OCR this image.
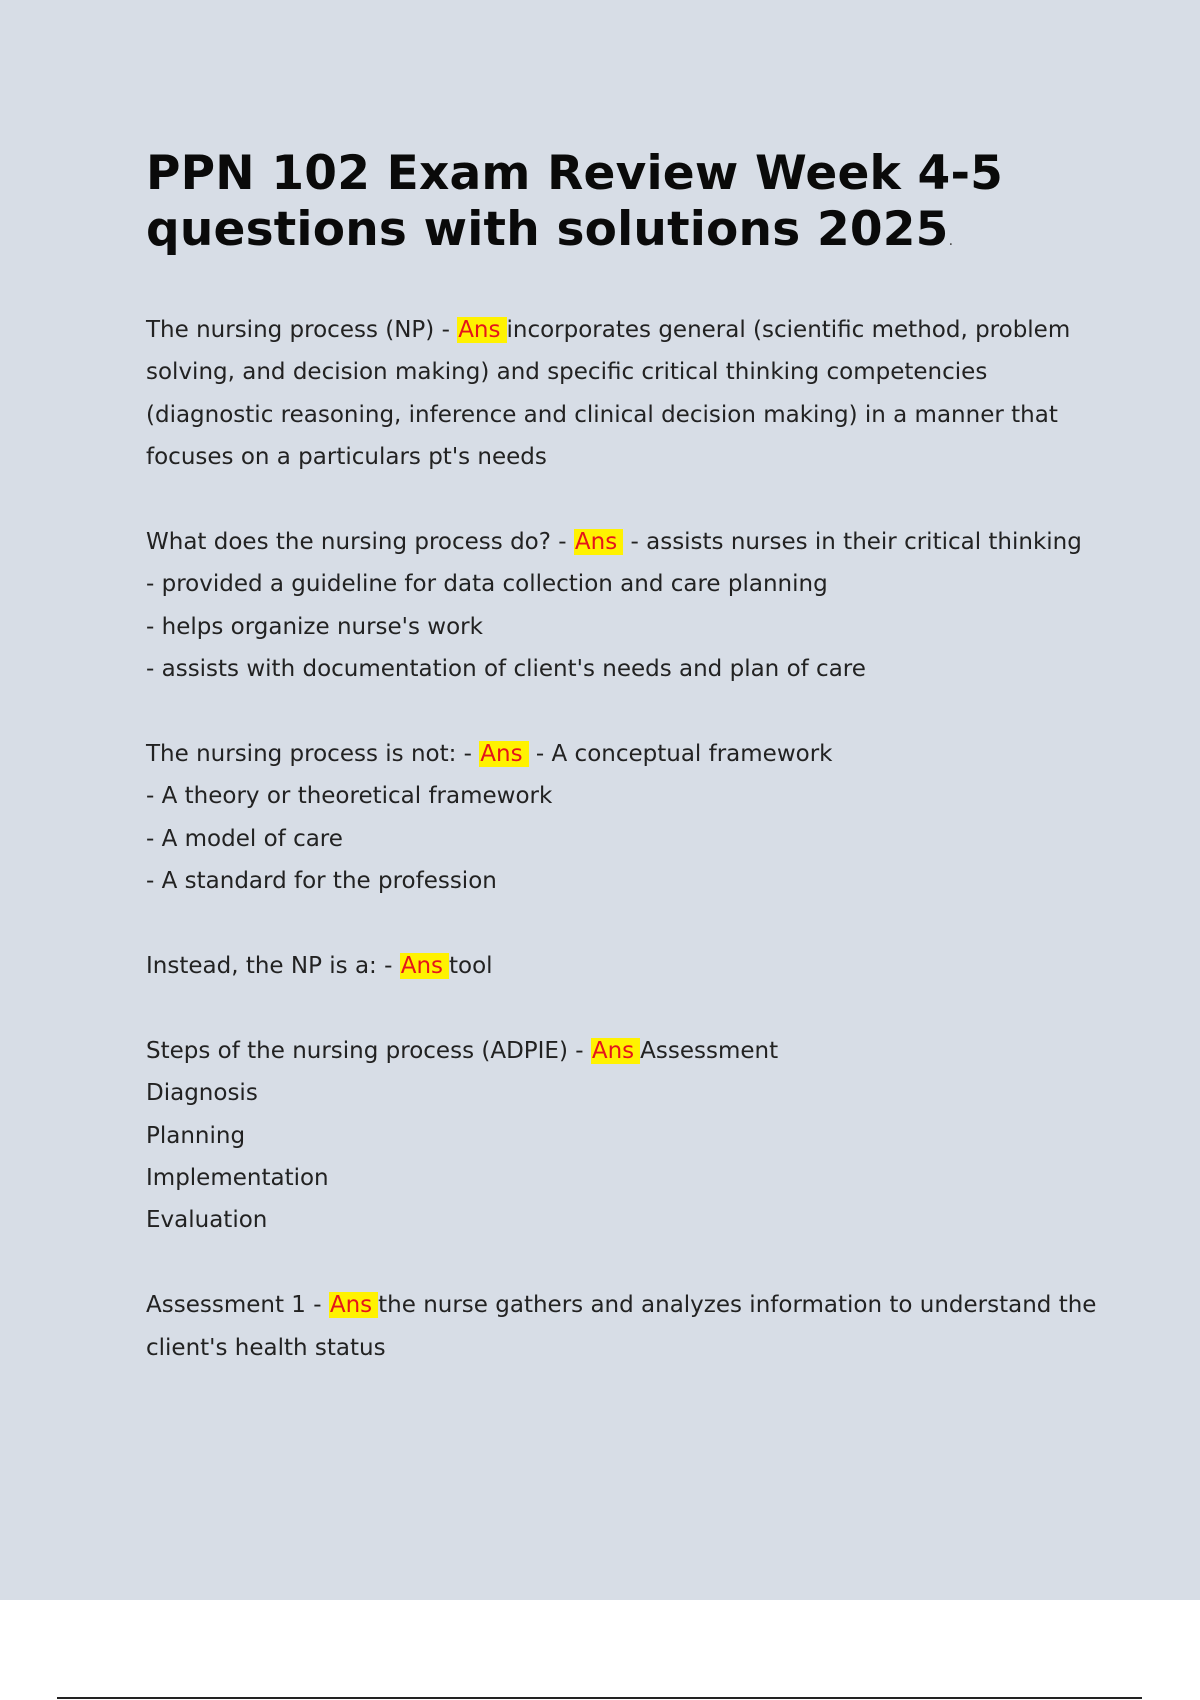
PPN 102 Exam Review Week 4-5 questions with solutions 2025.

The nursing process (NP) - Ans incorporates general (scientific method, problem solving, and decision making) and specific critical thinking competencies (diagnostic reasoning, inference and clinical decision making) in a manner that focuses on a particulars pt's needs

What does the nursing process do? - Ans - assists nurses in their critical thinking
- provided a guideline for data collection and care planning
- helps organize nurse's work
- assists with documentation of client's needs and plan of care

The nursing process is not: - Ans - A conceptual framework
- A theory or theoretical framework
- A model of care
- A standard for the profession

Instead, the NP is a: - Ans tool

Steps of the nursing process (ADPIE) - Ans Assessment
Diagnosis
Planning
Implementation
Evaluation

Assessment 1 - Ans the nurse gathers and analyzes information to understand the client's health status
